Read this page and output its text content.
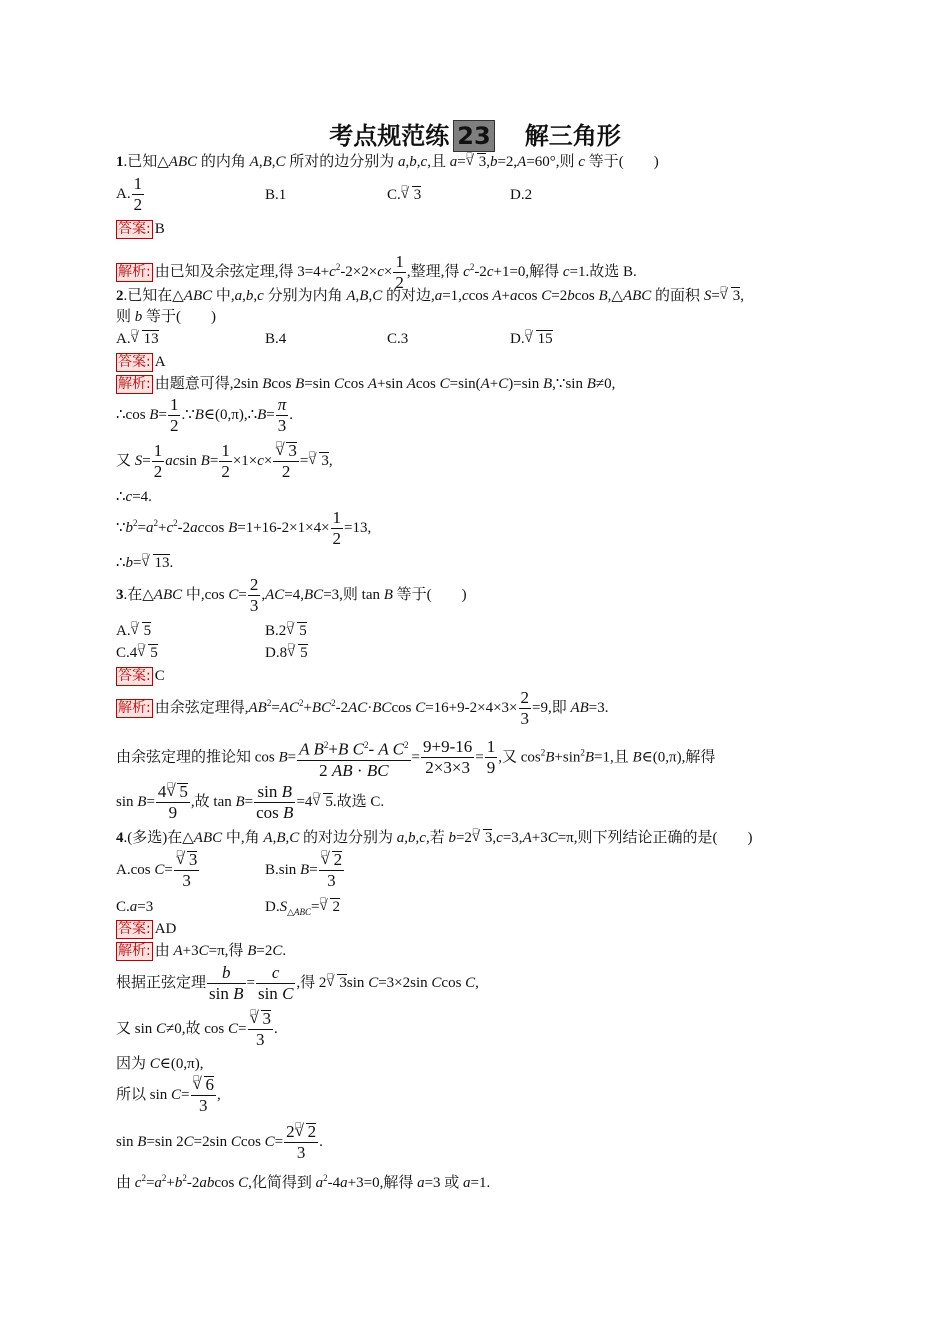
考点规范练 23 解三角形
1.已知△ABC 的内角 A,B,C 所对的边分别为 a,b,c,且 a=
√ □ 3,b=2,A=60°,则 c 等于(　　)
A. $\frac{1}{2}$	B.1	C.
√ □ 3	D.2
答案: B
解析: 由已知及余弦定理,得 $3=4+c^2-2\times 2\times c\times \frac{1}{2}$ ,整理,得 $c^2-2c+1=0$,解得 c=1.故选 B.
2.已知在△ABC 中,a,b,c 分别为内角 A,B,C 的对边,a=1,ccos A+acos C=2bcos B,△ABC 的面积 S=
√ □ 3,
则 b 等于(　　)
A.
√ □ 13	B.4	C.3	D.
√ □ 15
答案: A
解析: 由题意可得,2sin Bcos B=sin Ccos A+sin Acos C=sin(A+C)=sin B,∵sin B≠0,
∴cos $B= \frac{1}{2}$ .∵B∈(0,π),∴B= $\frac{\pi}{3}$ .
又 $S= \frac{1}{2}$ acsin $B= \frac{1}{2} \times 1\times c\times$
√ $\frac{□ 3}{2}$ =
√ □ 3,
∴c=4.
$\because b^2=a^2+c^2-2accos$ $B=1+16-2\times 1\times 4\times \frac{1}{2} =13$,
∴b=
√ □ 13.
3.在△ABC 中,cos $C= \frac{2}{3} ,AC=4,BC=3$,则 tan B 等于(　　)
A.
√ □ 5	B.2
√ □ 5
C.4
√ □ 5	D.8
√ □ 5
答案: C
解析: 由余弦定理得$,AB^2=AC^2+BC^2-2AC\cdot BCcos$ $C=16+9-2\times 4\times 3\times \frac{2}{3} =9$,即 AB=3.
由余弦定理的推论知 $\cos B= \frac{A B^2+B C^2- A C^2}{2 AB \cdot BC} = \frac{9+9-16}{2\times 3\times 3} = \frac{1}{9}$ ,又 $\cos^2B+\sin^2B=1$,且 B∈(0,π),解得
sin B= 4
√ □ 5
9 ,故 $\tan B= \frac{\text{sin B}}{\text{cos B}} =4$
√ □ 5.故选 C.
4.(多选)在△ABC 中,角 A,B,C 的对边分别为 a,b,c,若 b=2
√ □ 3,c=3,A+3C=π,则下列结论正确的是(　　)
A.cos C=
√ $\frac{□ 3}{3}$	B.sin B=
√ $\frac{□ 2}{3}$
C.a=3	$D.S_{\triangle ABC}=$
√ □ 2
答案: AD
解析: 由 A+3C=π,得 B=2C.
根据正弦定理 $\frac{b}{\text{sin B}} = \frac{c}{\text{sin C}}$ ,得 2
√ □ 3sin C=3×2sin Ccos C,
又 sin C≠0,故 cos C=
√ $\frac{□ 3}{3}$ .
因为 C∈(0,π),
所以 sin C=
√ $\frac{□ 6}{3}$ ,
sin B=sin 2C=2sin Ccos C= 2
√ □ 2
3 .
由 $c^2=a^2+b^2-2abcos$ C,化简得到 $a^2-4a+3=0$,解得 a=3 或 a=1.
